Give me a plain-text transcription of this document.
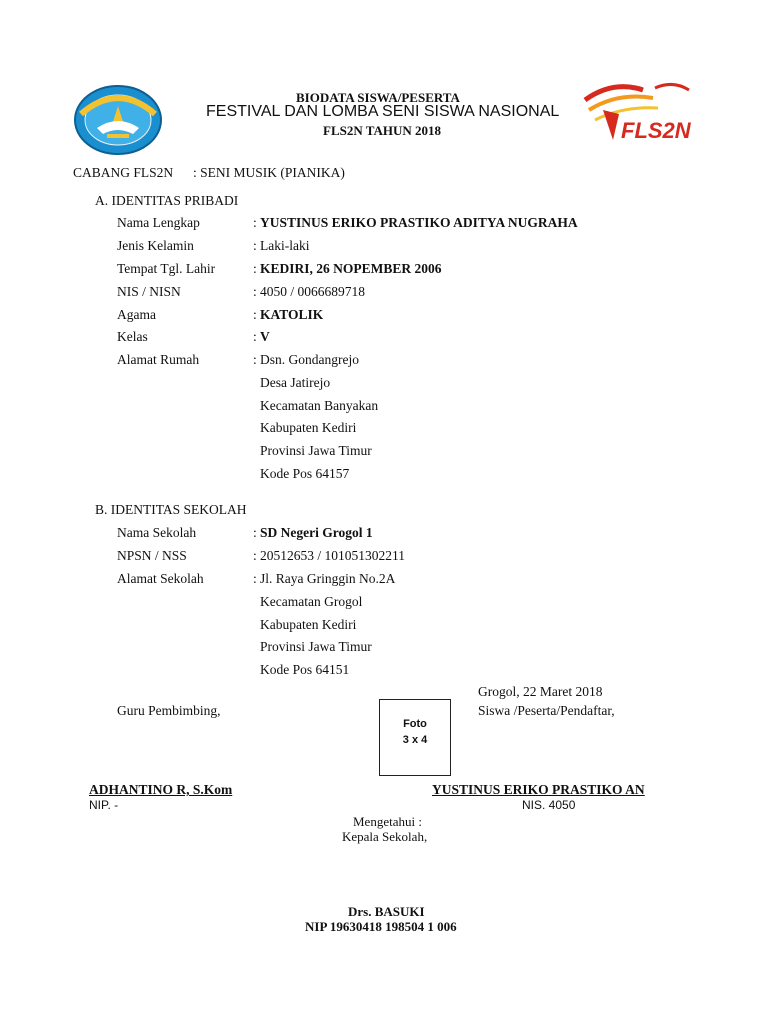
FLS2N
BIODATA SISWA/PESERTA
FESTIVAL DAN LOMBA SENI SISWA NASIONAL
FLS2N TAHUN 2018
CABANG FLS2N : SENI MUSIK (PIANIKA)
A. IDENTITAS PRIBADI
Nama Lengkap	: YUSTINUS ERIKO PRASTIKO ADITYA NUGRAHA
Jenis Kelamin	: Laki-laki
Tempat Tgl. Lahir	: KEDIRI, 26 NOPEMBER 2006
NIS / NISN	: 4050 / 0066689718
Agama	: KATOLIK
Kelas	: V
Alamat Rumah	: Dsn. Gondangrejo
Desa Jatirejo
Kecamatan Banyakan
Kabupaten Kediri
Provinsi Jawa Timur
Kode Pos 64157
B. IDENTITAS SEKOLAH
Nama Sekolah	: SD Negeri Grogol 1
NPSN / NSS	: 20512653 / 101051302211
Alamat Sekolah	: Jl. Raya Gringgin No.2A
Kecamatan Grogol
Kabupaten Kediri
Provinsi Jawa Timur
Kode Pos 64151
Grogol, 22 Maret 2018
Guru Pembimbing,	Siswa /Peserta/Pendaftar,
Foto
3 x 4
ADHANTINO R, S.Kom
NIP. -
YUSTINUS ERIKO PRASTIKO AN
NIS. 4050
Mengetahui :
Kepala Sekolah,
Drs. BASUKI
NIP 19630418 198504 1 006
